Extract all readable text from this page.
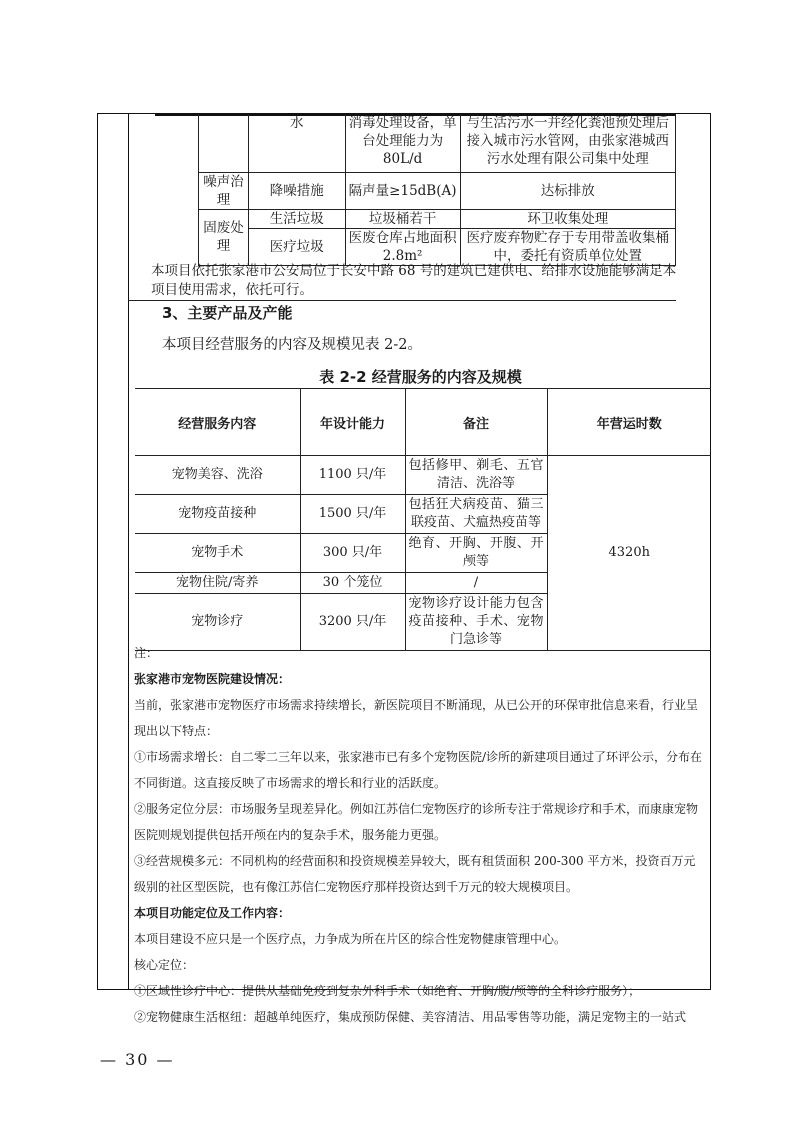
	水	消毒处理设备，单台处理能力为80L/d	与生活污水一并经化粪池预处理后接入城市污水管网，由张家港城西污水处理有限公司集中处理
噪声治理	降噪措施	隔声量≥15dB(A)	达标排放
固废处理	生活垃圾	垃圾桶若干	环卫收集处理
	医疗垃圾	医废仓库占地面积 2.8m²	医疗废弃物贮存于专用带盖收集桶中，委托有资质单位处置
本项目依托张家港市公安局位于长安中路 68 号的建筑已建供电、给排水设施能够满足本项目使用需求，依托可行。
3、主要产品及产能
本项目经营服务的内容及规模见表 2-2。
表 2-2 经营服务的内容及规模
经营服务内容	年设计能力	备注	年营运时数
宠物美容、洗浴	1100 只/年	包括修甲、剃毛、五官清洁、洗浴等	4320h
宠物疫苗接种	1500 只/年	包括狂犬病疫苗、猫三联疫苗、犬瘟热疫苗等	
宠物手术	300 只/年	绝育、开胸、开腹、开颅等	
宠物住院/寄养	30 个笼位	/	
宠物诊疗	3200 只/年	宠物诊疗设计能力包含疫苗接种、手术、宠物门急诊等	

注：

张家港市宠物医院建设情况：

当前，张家港市宠物医疗市场需求持续增长，新医院项目不断涌现，从已公开的环保审批信息来看，行业呈现出以下特点：

①市场需求增长：自二零二三年以来，张家港市已有多个宠物医院/诊所的新建项目通过了环评公示，分布在不同街道。这直接反映了市场需求的增长和行业的活跃度。

②服务定位分层：市场服务呈现差异化。例如江苏信仁宠物医疗的诊所专注于常规诊疗和手术，而康康宠物医院则规划提供包括开颅在内的复杂手术，服务能力更强。

③经营规模多元：不同机构的经营面积和投资规模差异较大，既有租赁面积 200-300 平方米，投资百万元级别的社区型医院，也有像江苏信仁宠物医疗那样投资达到千万元的较大规模项目。

本项目功能定位及工作内容：

本项目建设不应只是一个医疗点，力争成为所在片区的综合性宠物健康管理中心。

核心定位：

①区域性诊疗中心：提供从基础免疫到复杂外科手术（如绝育、开胸/腹/颅等的全科诊疗服务）；

②宠物健康生活枢纽：超越单纯医疗，集成预防保健、美容清洁、用品零售等功能，满足宠物主的一站式

— 30 —
